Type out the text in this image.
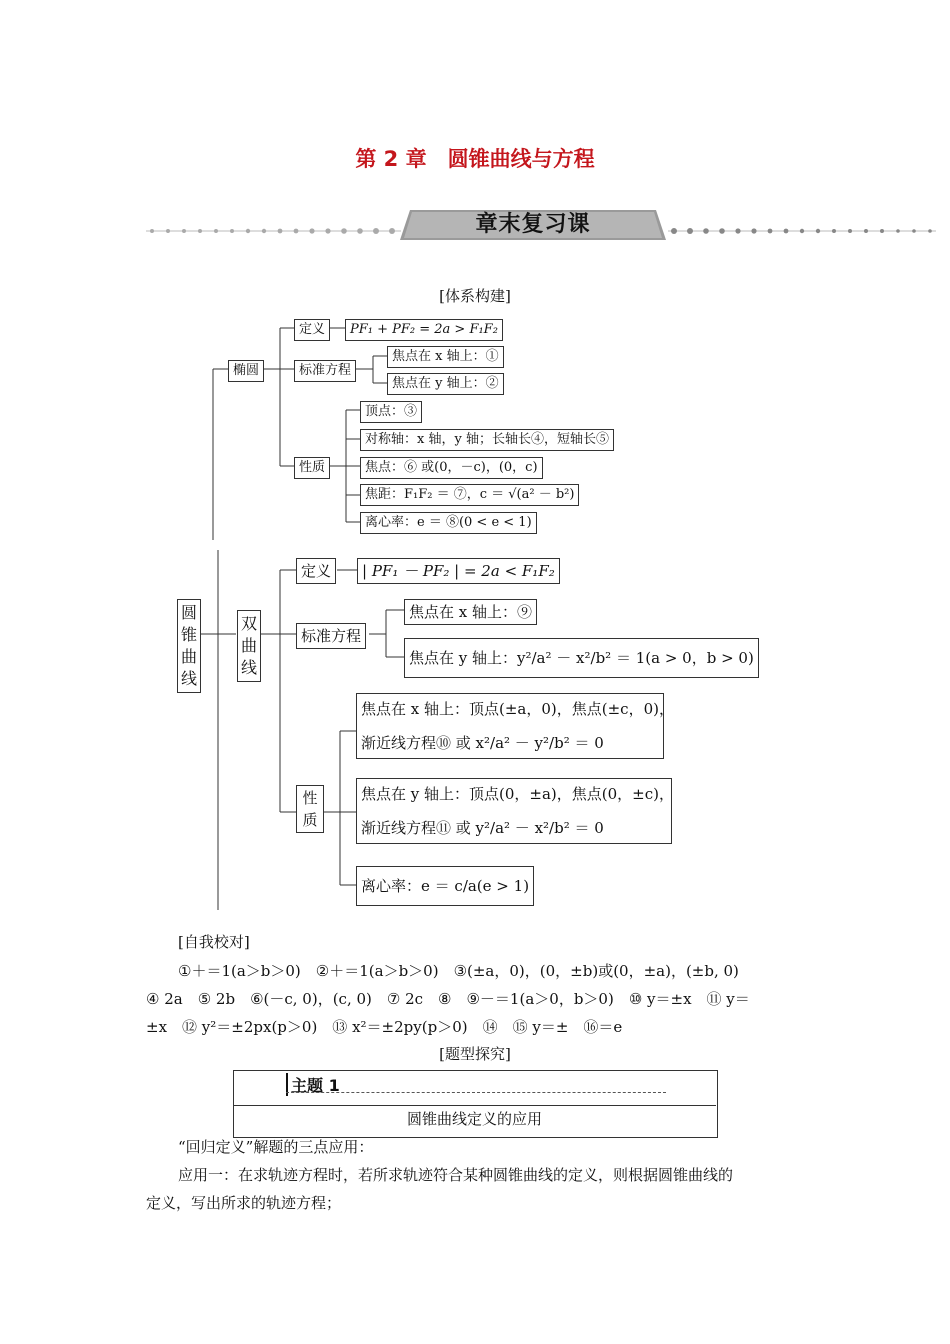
第 2 章　圆锥曲线与方程
章末复习课
[体系构建]
椭圆
定义	PF₁ + PF₂ = 2a > F₁F₂
标准方程
焦点在 x 轴上：①
焦点在 y 轴上：②
性质
顶点：③
对称轴：x 轴，y 轴；长轴长④，短轴长⑤
焦点：⑥ 或(0，－c)，(0，c)
焦距：F₁F₂ ＝ ⑦，c ＝ √(a² － b²)
离心率：e ＝ ⑧(0 < e < 1)
圆锥曲线
双曲线
定义	| PF₁ － PF₂ | = 2a < F₁F₂
标准方程
焦点在 x 轴上：⑨
焦点在 y 轴上：y²/a² － x²/b² ＝ 1(a > 0，b > 0)
性质
焦点在 x 轴上：顶点(±a，0)，焦点(±c，0)，
渐近线方程⑩ 或 x²/a² － y²/b² ＝ 0
焦点在 y 轴上：顶点(0，±a)，焦点(0，±c)，
渐近线方程⑪ 或 y²/a² － x²/b² ＝ 0
离心率：e ＝ c/a(e > 1)
[自我校对]
①＋＝1(a＞b＞0)　②＋＝1(a＞b＞0)　③(±a，0)，(0，±b)或(0，±a)，(±b, 0)
④ 2a　⑤ 2b　⑥(－c, 0)，(c, 0)　⑦ 2c　⑧　⑨－＝1(a＞0，b＞0)　⑩ y＝±x　⑪ y＝
±x　⑫ y²＝±2px(p＞0)　⑬ x²＝±2py(p＞0)　⑭　⑮ y＝±　⑯＝e
[题型探究]
主题 1
圆锥曲线定义的应用
“回归定义”解题的三点应用：
应用一：在求轨迹方程时，若所求轨迹符合某种圆锥曲线的定义，则根据圆锥曲线的
定义，写出所求的轨迹方程；
